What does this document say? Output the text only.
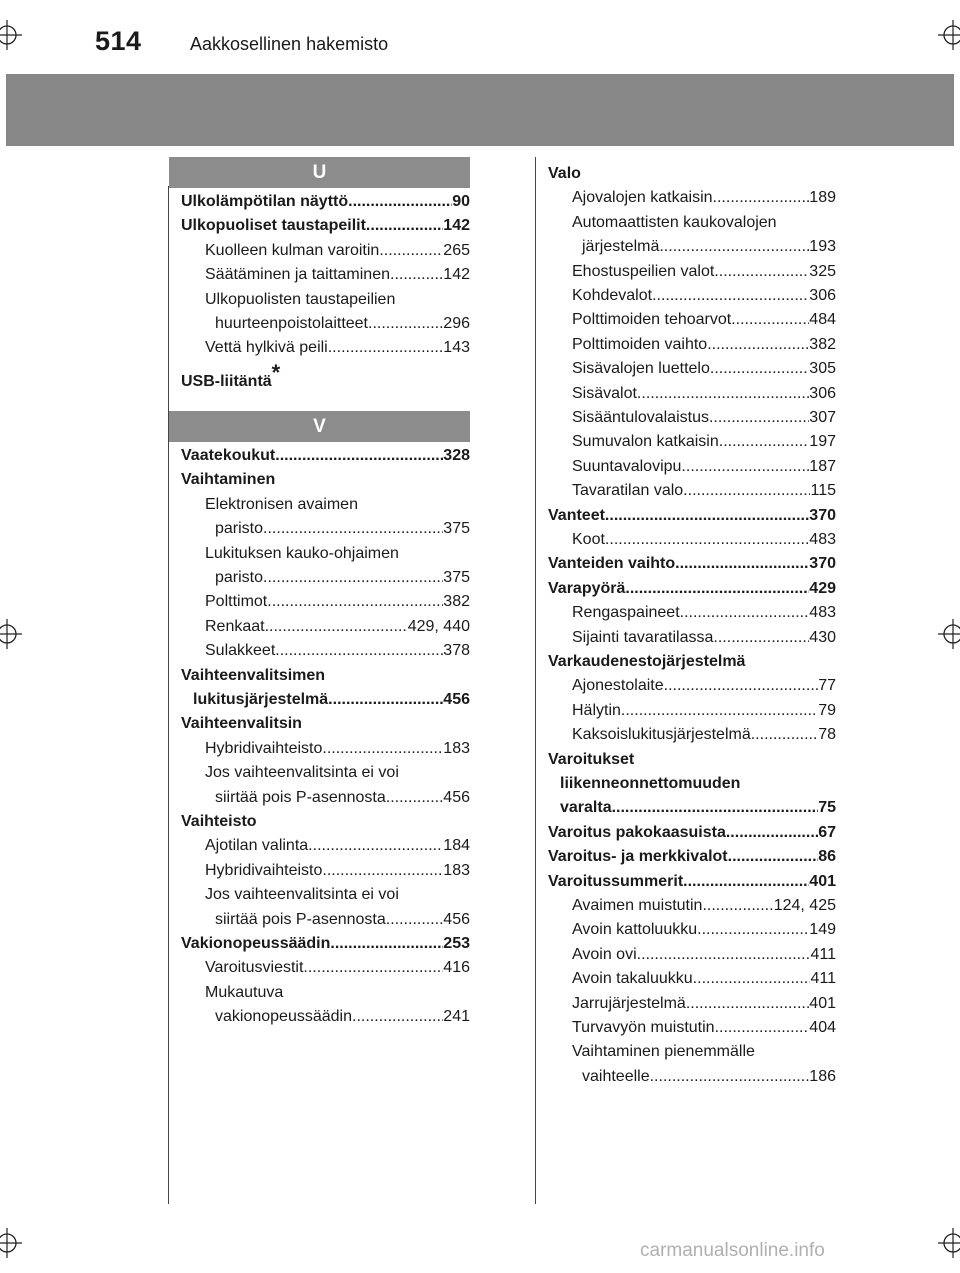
514	Aakkosellinen hakemisto
U
V
Ulkolämpötilan näyttö .....	90
Ulkopuoliset taustapeilit .....	142
Kuolleen kulman varoitin .....	265
Säätäminen ja taittaminen .....	142
Ulkopuolisten taustapeilien
huurteenpoistolaitteet .....	296
Vettä hylkivä peili .....	143
USB-liitäntä*
Vaatekoukut .....	328
Vaihtaminen
Elektronisen avaimen
paristo .....	375
Lukituksen kauko-ohjaimen
paristo .....	375
Polttimot .....	382
Renkaat .....	429, 440
Sulakkeet .....	378
Vaihteenvalitsimen
lukitusjärjestelmä .....	456
Vaihteenvalitsin
Hybridivaihteisto .....	183
Jos vaihteenvalitsinta ei voi
siirtää pois P-asennosta .....	456
Vaihteisto
Ajotilan valinta .....	184
Hybridivaihteisto .....	183
Jos vaihteenvalitsinta ei voi
siirtää pois P-asennosta .....	456
Vakionopeussäädin .....	253
Varoitusviestit .....	416
Mukautuva
vakionopeussäädin .....	241
Valo
Ajovalojen katkaisin .....	189
Automaattisten kaukovalojen
järjestelmä .....	193
Ehostuspeilien valot .....	325
Kohdevalot .....	306
Polttimoiden tehoarvot .....	484
Polttimoiden vaihto .....	382
Sisävalojen luettelo .....	305
Sisävalot .....	306
Sisääntulovalaistus .....	307
Sumuvalon katkaisin .....	197
Suuntavalovipu .....	187
Tavaratilan valo .....	115
Vanteet .....	370
Koot .....	483
Vanteiden vaihto .....	370
Varapyörä .....	429
Rengaspaineet .....	483
Sijainti tavaratilassa .....	430
Varkaudenestojärjestelmä
Ajonestolaite .....	77
Hälytin .....	79
Kaksoislukitusjärjestelmä .....	78
Varoitukset
liikenneonnettomuuden
varalta .....	75
Varoitus pakokaasuista .....	67
Varoitus- ja merkkivalot .....	86
Varoitussummerit .....	401
Avaimen muistutin .....	124, 425
Avoin kattoluukku .....	149
Avoin ovi .....	411
Avoin takaluukku .....	411
Jarrujärjestelmä .....	401
Turvavyön muistutin .....	404
Vaihtaminen pienemmälle
vaihteelle .....	186
carmanualsonline.info
